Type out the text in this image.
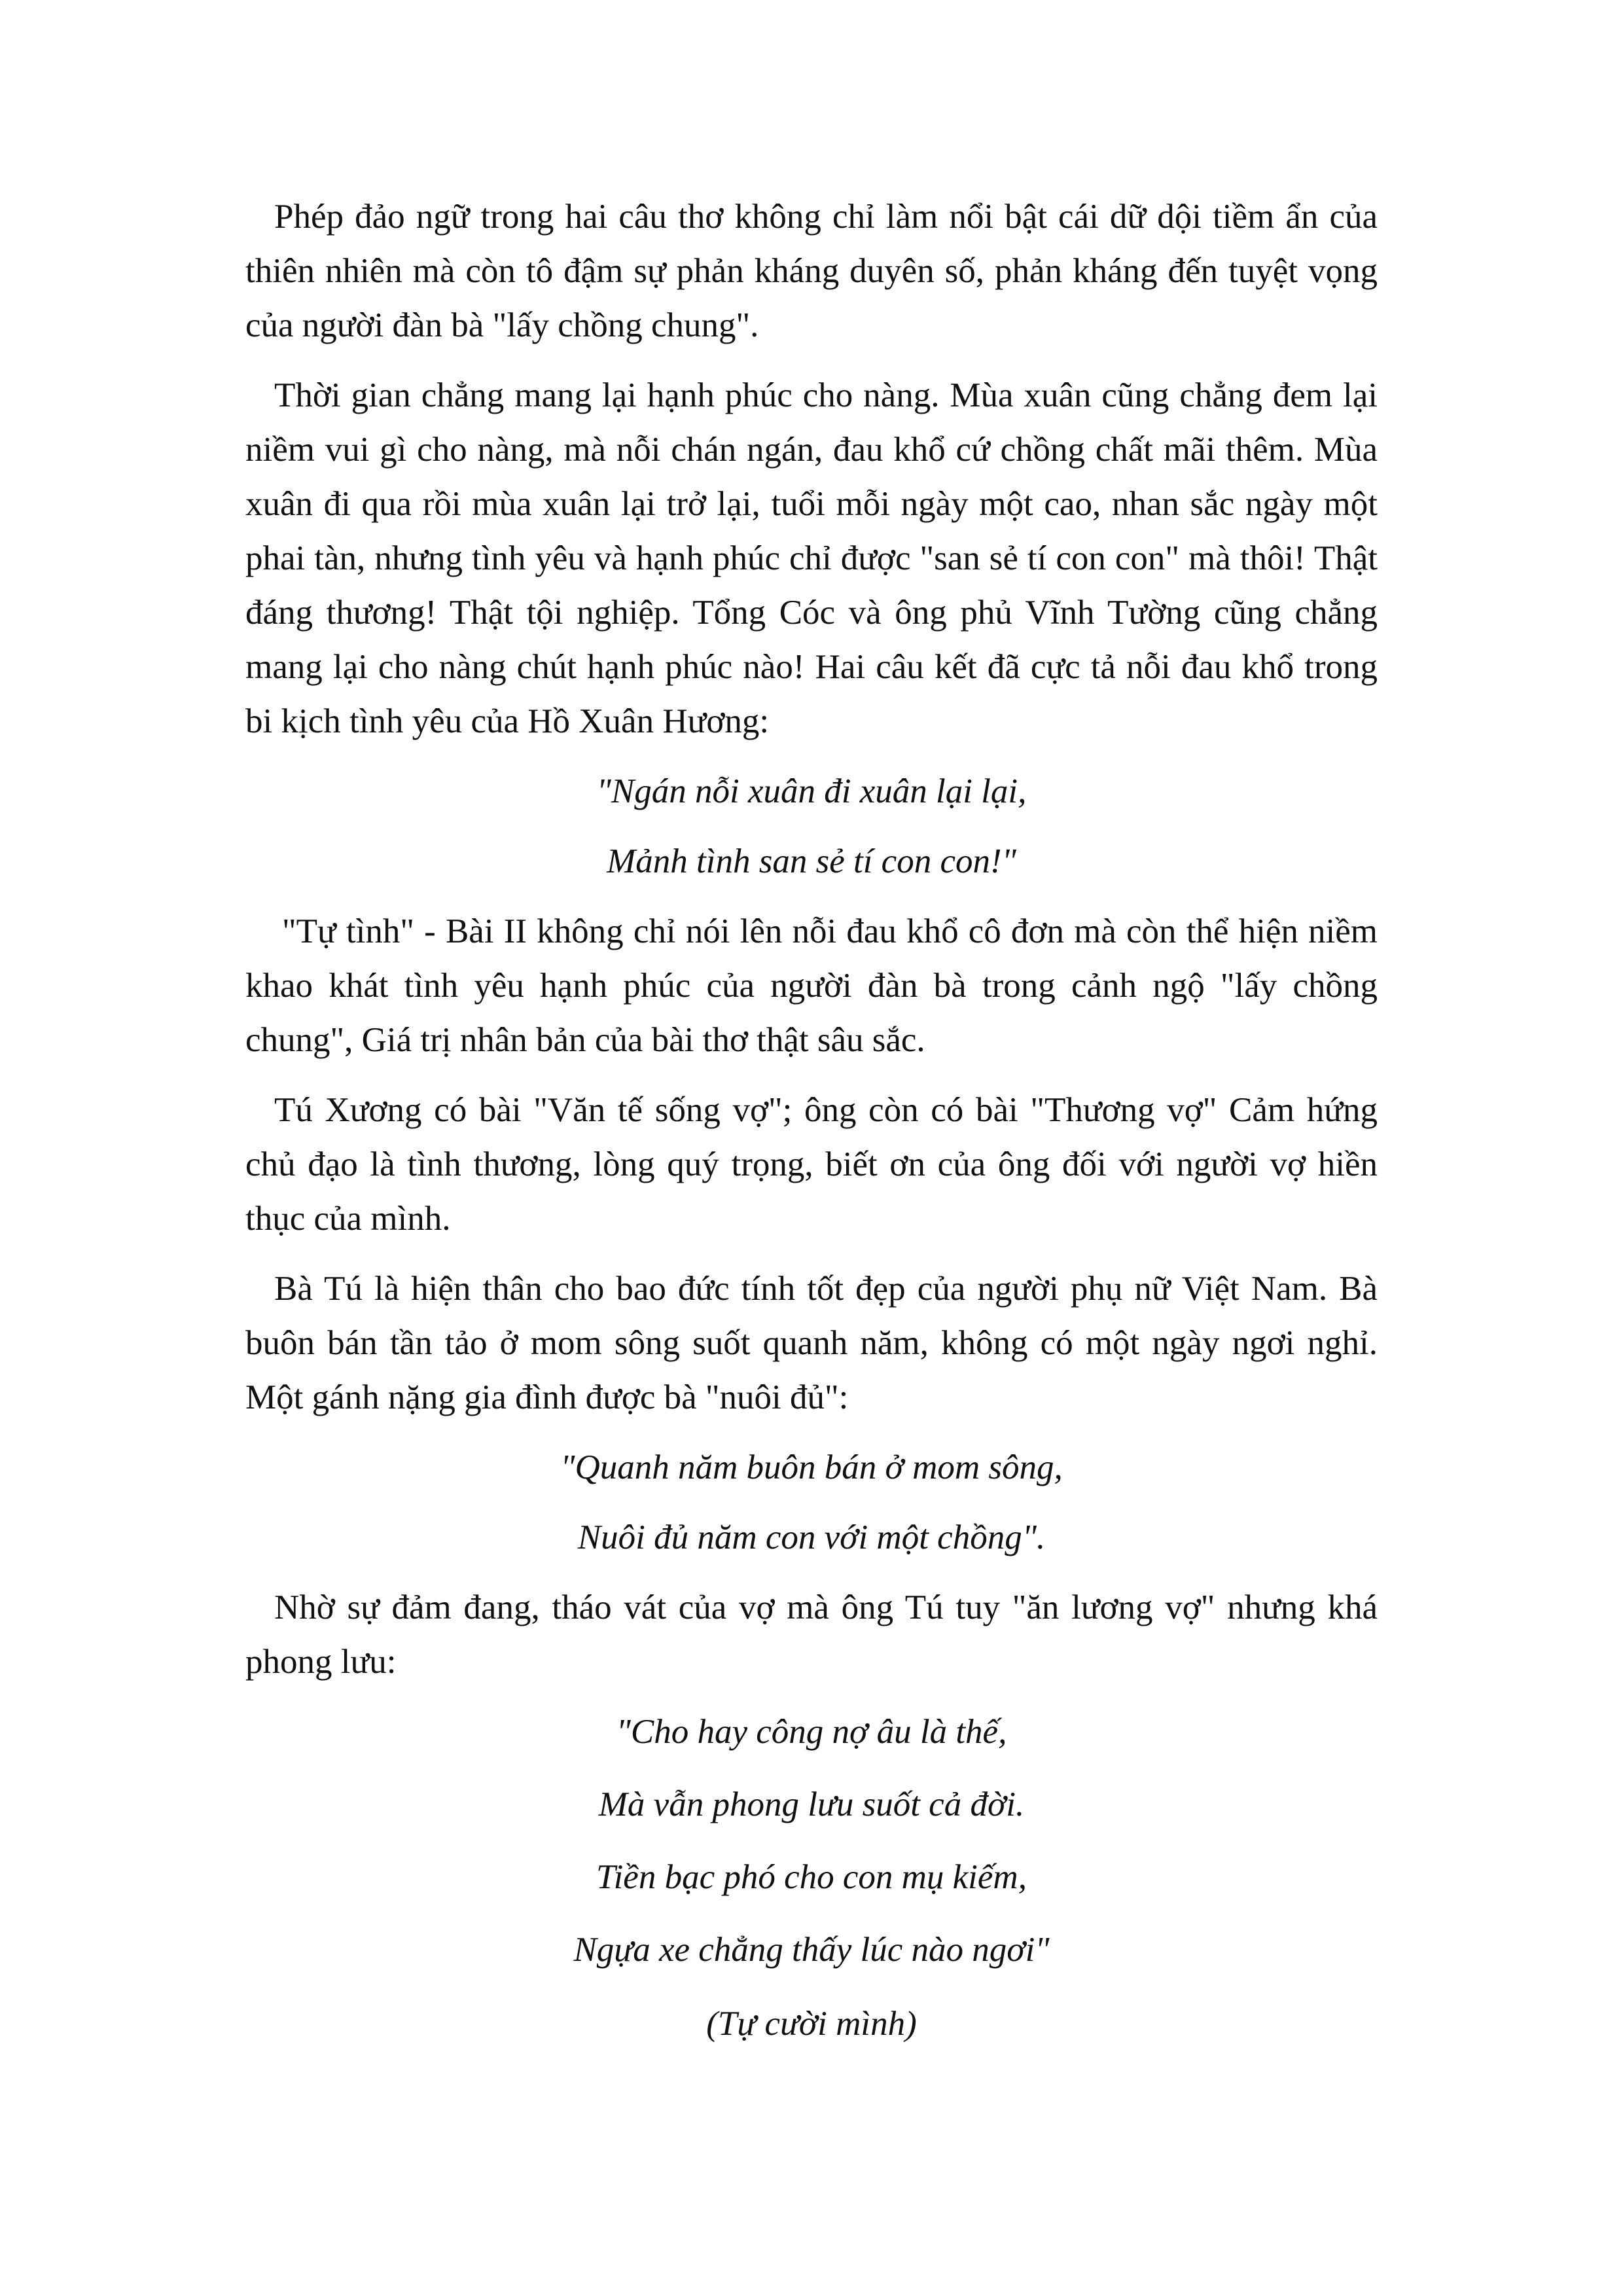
Phép đảo ngữ trong hai câu thơ không chỉ làm nổi bật cái dữ dội tiềm ẩn của thiên nhiên mà còn tô đậm sự phản kháng duyên số, phản kháng đến tuyệt vọng của người đàn bà "lấy chồng chung".

Thời gian chẳng mang lại hạnh phúc cho nàng. Mùa xuân cũng chẳng đem lại niềm vui gì cho nàng, mà nỗi chán ngán, đau khổ cứ chồng chất mãi thêm. Mùa xuân đi qua rồi mùa xuân lại trở lại, tuổi mỗi ngày một cao, nhan sắc ngày một phai tàn, nhưng tình yêu và hạnh phúc chỉ được "san sẻ tí con con" mà thôi! Thật đáng thương! Thật tội nghiệp. Tổng Cóc và ông phủ Vĩnh Tường cũng chẳng mang lại cho nàng chút hạnh phúc nào! Hai câu kết đã cực tả nỗi đau khổ trong bi kịch tình yêu của Hồ Xuân Hương:

"Ngán nỗi xuân đi xuân lại lại,
Mảnh tình san sẻ tí con con!"

"Tự tình" - Bài II không chỉ nói lên nỗi đau khổ cô đơn mà còn thể hiện niềm khao khát tình yêu hạnh phúc của người đàn bà trong cảnh ngộ "lấy chồng chung", Giá trị nhân bản của bài thơ thật sâu sắc.

Tú Xương có bài "Văn tế sống vợ"; ông còn có bài "Thương vợ" Cảm hứng chủ đạo là tình thương, lòng quý trọng, biết ơn của ông đối với người vợ hiền thục của mình.

Bà Tú là hiện thân cho bao đức tính tốt đẹp của người phụ nữ Việt Nam. Bà buôn bán tần tảo ở mom sông suốt quanh năm, không có một ngày ngơi nghỉ. Một gánh nặng gia đình được bà "nuôi đủ":

"Quanh năm buôn bán ở mom sông,
Nuôi đủ năm con với một chồng".

Nhờ sự đảm đang, tháo vát của vợ mà ông Tú tuy "ăn lương vợ" nhưng khá phong lưu:

"Cho hay công nợ âu là thế,
Mà vẫn phong lưu suốt cả đời.
Tiền bạc phó cho con mụ kiếm,
Ngựa xe chẳng thấy lúc nào ngơi"
(Tự cười mình)
